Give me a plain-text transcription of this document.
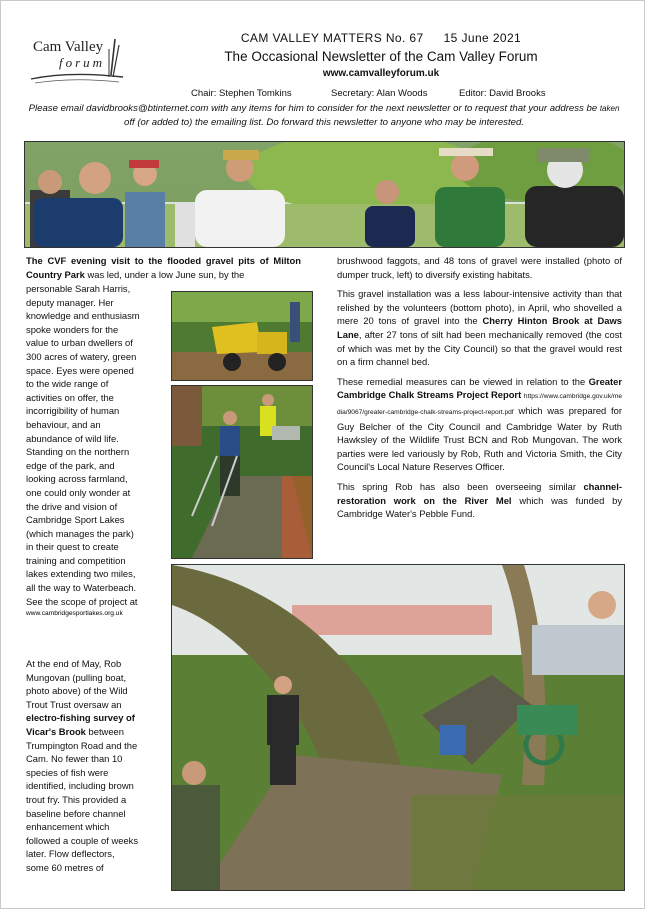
Cam Valley
forum
CAM VALLEY MATTERS No. 67 15 June 2021
The Occasional Newsletter of the Cam Valley Forum
www.camvalleyforum.uk
Chair: Stephen Tomkins	Secretary: Alan Woods	Editor: David Brooks
Please email davidbrooks@btinternet.com with any items for him to consider for the next newsletter or to request that your address be taken off (or added to) the emailing list. Do forward this newsletter to anyone who may be interested.
The CVF evening visit to the flooded gravel pits of Milton Country Park was led, under a low June sun, by the
personable Sarah Harris,
deputy manager. Her
knowledge and enthusiasm
spoke wonders for the
value to urban dwellers of
300 acres of watery, green
space. Eyes were opened
to the wide range of
activities on offer, the
incorrigibility of human
behaviour, and an
abundance of wild life.
Standing on the northern
edge of the park, and
looking across farmland,
one could only wonder at
the drive and vision of
Cambridge Sport Lakes
(which manages the park)
in their quest to create
training and competition
lakes extending two miles,
all the way to Waterbeach.
See the scope of project at
www.cambridgesportlakes.org.uk
At the end of May, Rob
Mungovan (pulling boat,
photo above) of the Wild
Trout Trust oversaw an
electro-fishing survey of
Vicar's Brook between
Trumpington Road and the
Cam. No fewer than 10
species of fish were
identified, including brown
trout fry. This provided a
baseline before channel
enhancement which
followed a couple of weeks
later. Flow deflectors,
some 60 metres of

brushwood faggots, and 48 tons of gravel were installed (photo of dumper truck, left) to diversify existing habitats.

This gravel installation was a less labour-intensive activity than that relished by the volunteers (bottom photo), in April, who shovelled a mere 20 tons of gravel into the Cherry Hinton Brook at Daws Lane, after 27 tons of silt had been mechanically removed (the cost of which was met by the City Council) so that the gravel would rest on a firm channel bed.

These remedial measures can be viewed in relation to the Greater Cambridge Chalk Streams Project Report https://www.cambridge.gov.uk/media/9067/greater-cambridge-chalk-streams-project-report.pdf which was prepared for Guy Belcher of the City Council and Cambridge Water by Ruth Hawksley of the Wildlife Trust BCN and Rob Mungovan. The work parties were led variously by Rob, Ruth and Victoria Smith, the City Council's Local Nature Reserves Officer.

This spring Rob has also been overseeing similar channel-restoration work on the River Mel which was funded by Cambridge Water's Pebble Fund.
